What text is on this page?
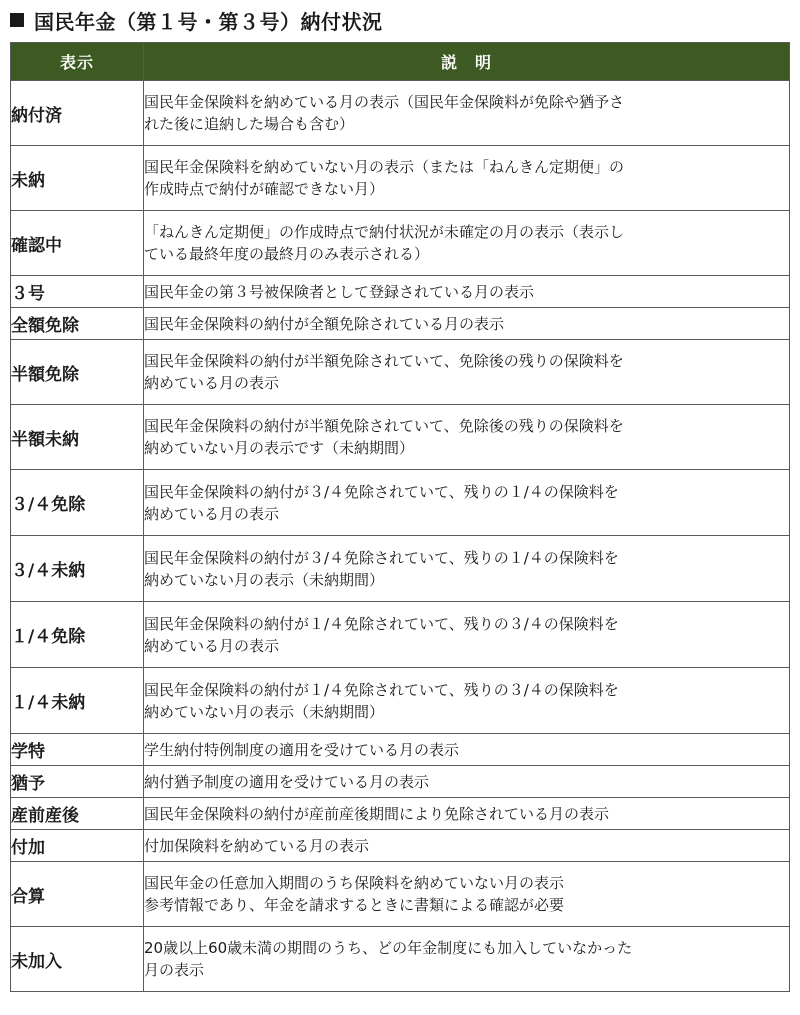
国民年金（第１号・第３号）納付状況
表示	説　明
納付済	国民年金保険料を納めている月の表示（国民年金保険料が免除や猶予さ
れた後に追納した場合も含む）

未納	国民年金保険料を納めていない月の表示（または「ねんきん定期便」の
作成時点で納付が確認できない月）

確認中	「ねんきん定期便」の作成時点で納付状況が未確定の月の表示（表示し
ている最終年度の最終月のみ表示される）

３号	国民年金の第３号被保険者として登録されている月の表示

全額免除	国民年金保険料の納付が全額免除されている月の表示

半額免除	国民年金保険料の納付が半額免除されていて、免除後の残りの保険料を
納めている月の表示

半額未納	国民年金保険料の納付が半額免除されていて、免除後の残りの保険料を
納めていない月の表示です（未納期間）

３/４免除	国民年金保険料の納付が３/４免除されていて、残りの１/４の保険料を
納めている月の表示

３/４未納	国民年金保険料の納付が３/４免除されていて、残りの１/４の保険料を
納めていない月の表示（未納期間）

１/４免除	国民年金保険料の納付が１/４免除されていて、残りの３/４の保険料を
納めている月の表示

１/４未納	国民年金保険料の納付が１/４免除されていて、残りの３/４の保険料を
納めていない月の表示（未納期間）

学特	学生納付特例制度の適用を受けている月の表示

猶予	納付猶予制度の適用を受けている月の表示

産前産後	国民年金保険料の納付が産前産後期間により免除されている月の表示

付加	付加保険料を納めている月の表示

合算	国民年金の任意加入期間のうち保険料を納めていない月の表示
参考情報であり、年金を請求するときに書類による確認が必要

未加入	20歳以上60歳未満の期間のうち、どの年金制度にも加入していなかった
月の表示
